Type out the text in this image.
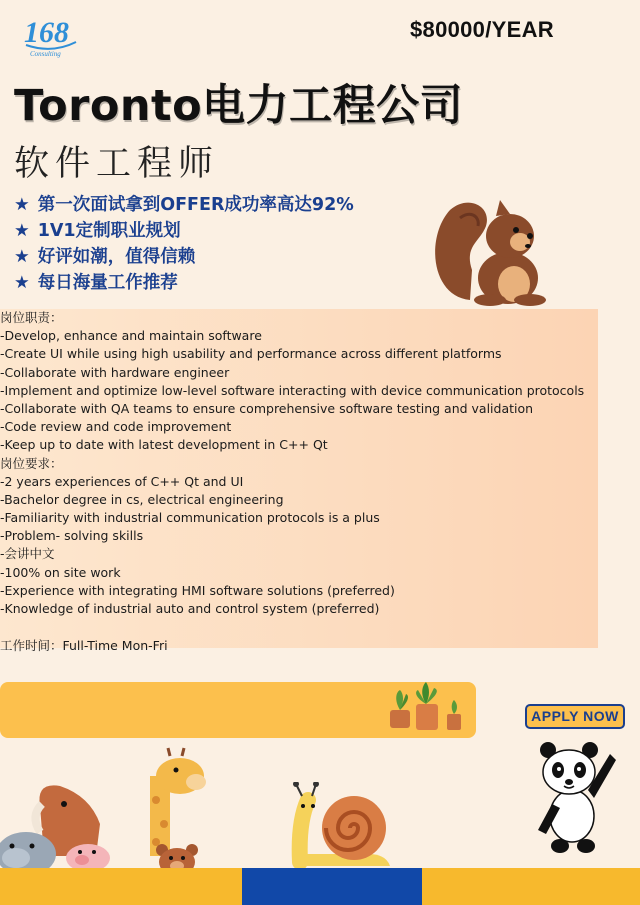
168
Consulting
$80000/YEAR
Toronto电力工程公司
软件工程师
★ 第一次面试拿到OFFER成功率高达92%
★ 1V1定制职业规划
★ 好评如潮，值得信赖
★ 每日海量工作推荐
岗位职责：
-Develop, enhance and maintain software
-Create UI while using high usability and performance across different platforms
-Collaborate with hardware engineer
-Implement and optimize low-level software interacting with device communication protocols
-Collaborate with QA teams to ensure comprehensive software testing and validation
-Code review and code improvement
-Keep up to date with latest development in C++ Qt
岗位要求：
-2 years experiences of C++ Qt and UI
-Bachelor degree in cs, electrical engineering
-Familiarity with industrial communication protocols is a plus
-Problem- solving skills
-会讲中文
-100% on site work
-Experience with integrating HMI software solutions (preferred)
-Knowledge of industrial auto and control system (preferred)
工作时间：Full-Time Mon-Fri
APPLY NOW
